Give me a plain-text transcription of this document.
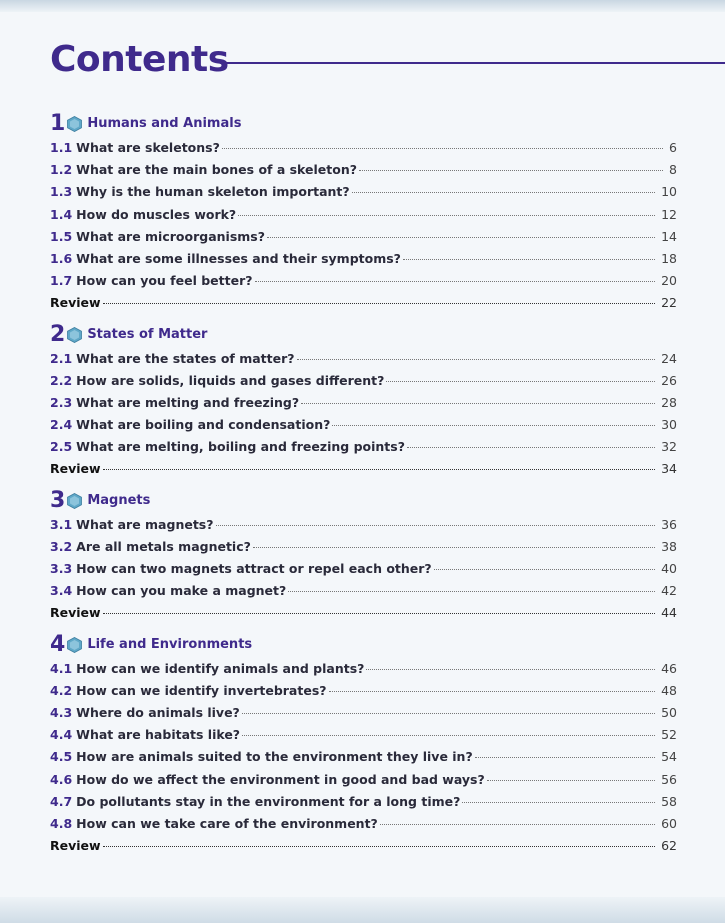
Contents
1 Humans and Animals
1.1 What are skeletons?	6
1.2 What are the main bones of a skeleton?	8
1.3 Why is the human skeleton important?	10
1.4 How do muscles work?	12
1.5 What are microorganisms?	14
1.6 What are some illnesses and their symptoms?	18
1.7 How can you feel better?	20
Review	22
2 States of Matter
2.1 What are the states of matter?	24
2.2 How are solids, liquids and gases different?	26
2.3 What are melting and freezing?	28
2.4 What are boiling and condensation?	30
2.5 What are melting, boiling and freezing points?	32
Review	34
3 Magnets
3.1 What are magnets?	36
3.2 Are all metals magnetic?	38
3.3 How can two magnets attract or repel each other?	40
3.4 How can you make a magnet?	42
Review	44
4 Life and Environments
4.1 How can we identify animals and plants?	46
4.2 How can we identify invertebrates?	48
4.3 Where do animals live?	50
4.4 What are habitats like?	52
4.5 How are animals suited to the environment they live in?	54
4.6 How do we affect the environment in good and bad ways?	56
4.7 Do pollutants stay in the environment for a long time?	58
4.8 How can we take care of the environment?	60
Review	62
